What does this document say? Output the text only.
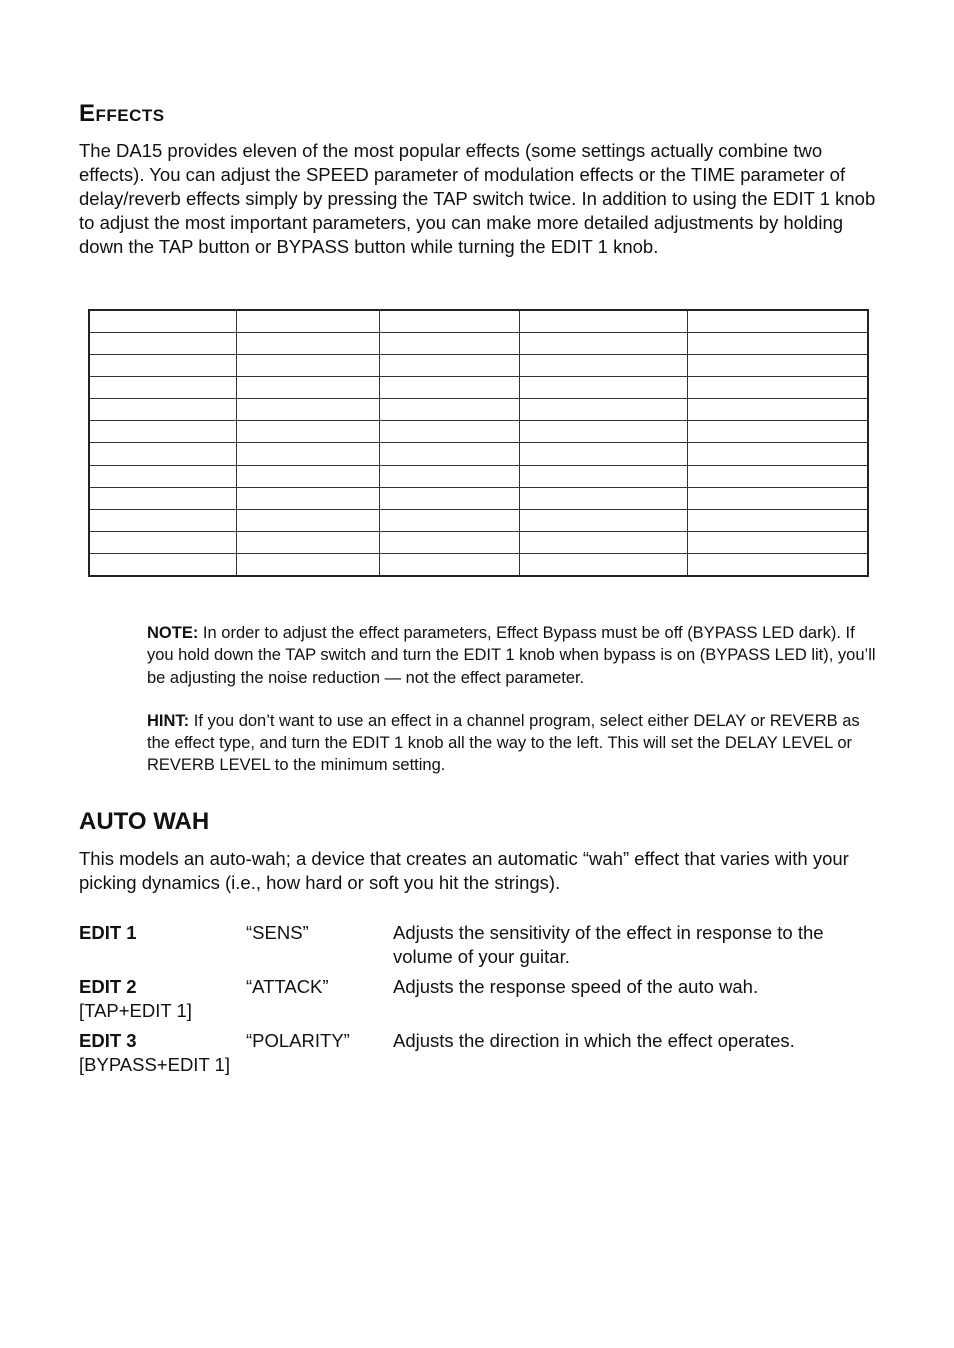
Effects

The DA15 provides eleven of the most popular effects (some settings actually combine two effects). You can adjust the SPEED parameter of modulation effects or the TIME parameter of delay/reverb effects simply by pressing the TAP switch twice. In addition to using the EDIT 1 knob to adjust the most important parameters, you can make more detailed adjustments by holding down the TAP button or BYPASS button while turning the EDIT 1 knob.

NOTE: In order to adjust the effect parameters, Effect Bypass must be off (BYPASS LED dark). If you hold down the TAP switch and turn the EDIT 1 knob when bypass is on (BYPASS LED lit), you’ll be adjusting the noise reduction — not the effect parameter.

HINT: If you don’t want to use an effect in a channel program, select either DELAY or REVERB as the effect type, and turn the EDIT 1 knob all the way to the left. This will set the DELAY LEVEL or REVERB LEVEL to the minimum setting.

AUTO WAH

This models an auto-wah; a device that creates an automatic “wah” effect that varies with your picking dynamics (i.e., how hard or soft you hit the strings).

EDIT 1	“SENS”	Adjusts the sensitivity of the effect in response to the volume of your guitar.
EDIT 2
[TAP+EDIT 1]
“ATTACK”	Adjusts the response speed of the auto wah.
EDIT 3
[BYPASS+EDIT 1]
“POLARITY”	Adjusts the direction in which the effect operates.
